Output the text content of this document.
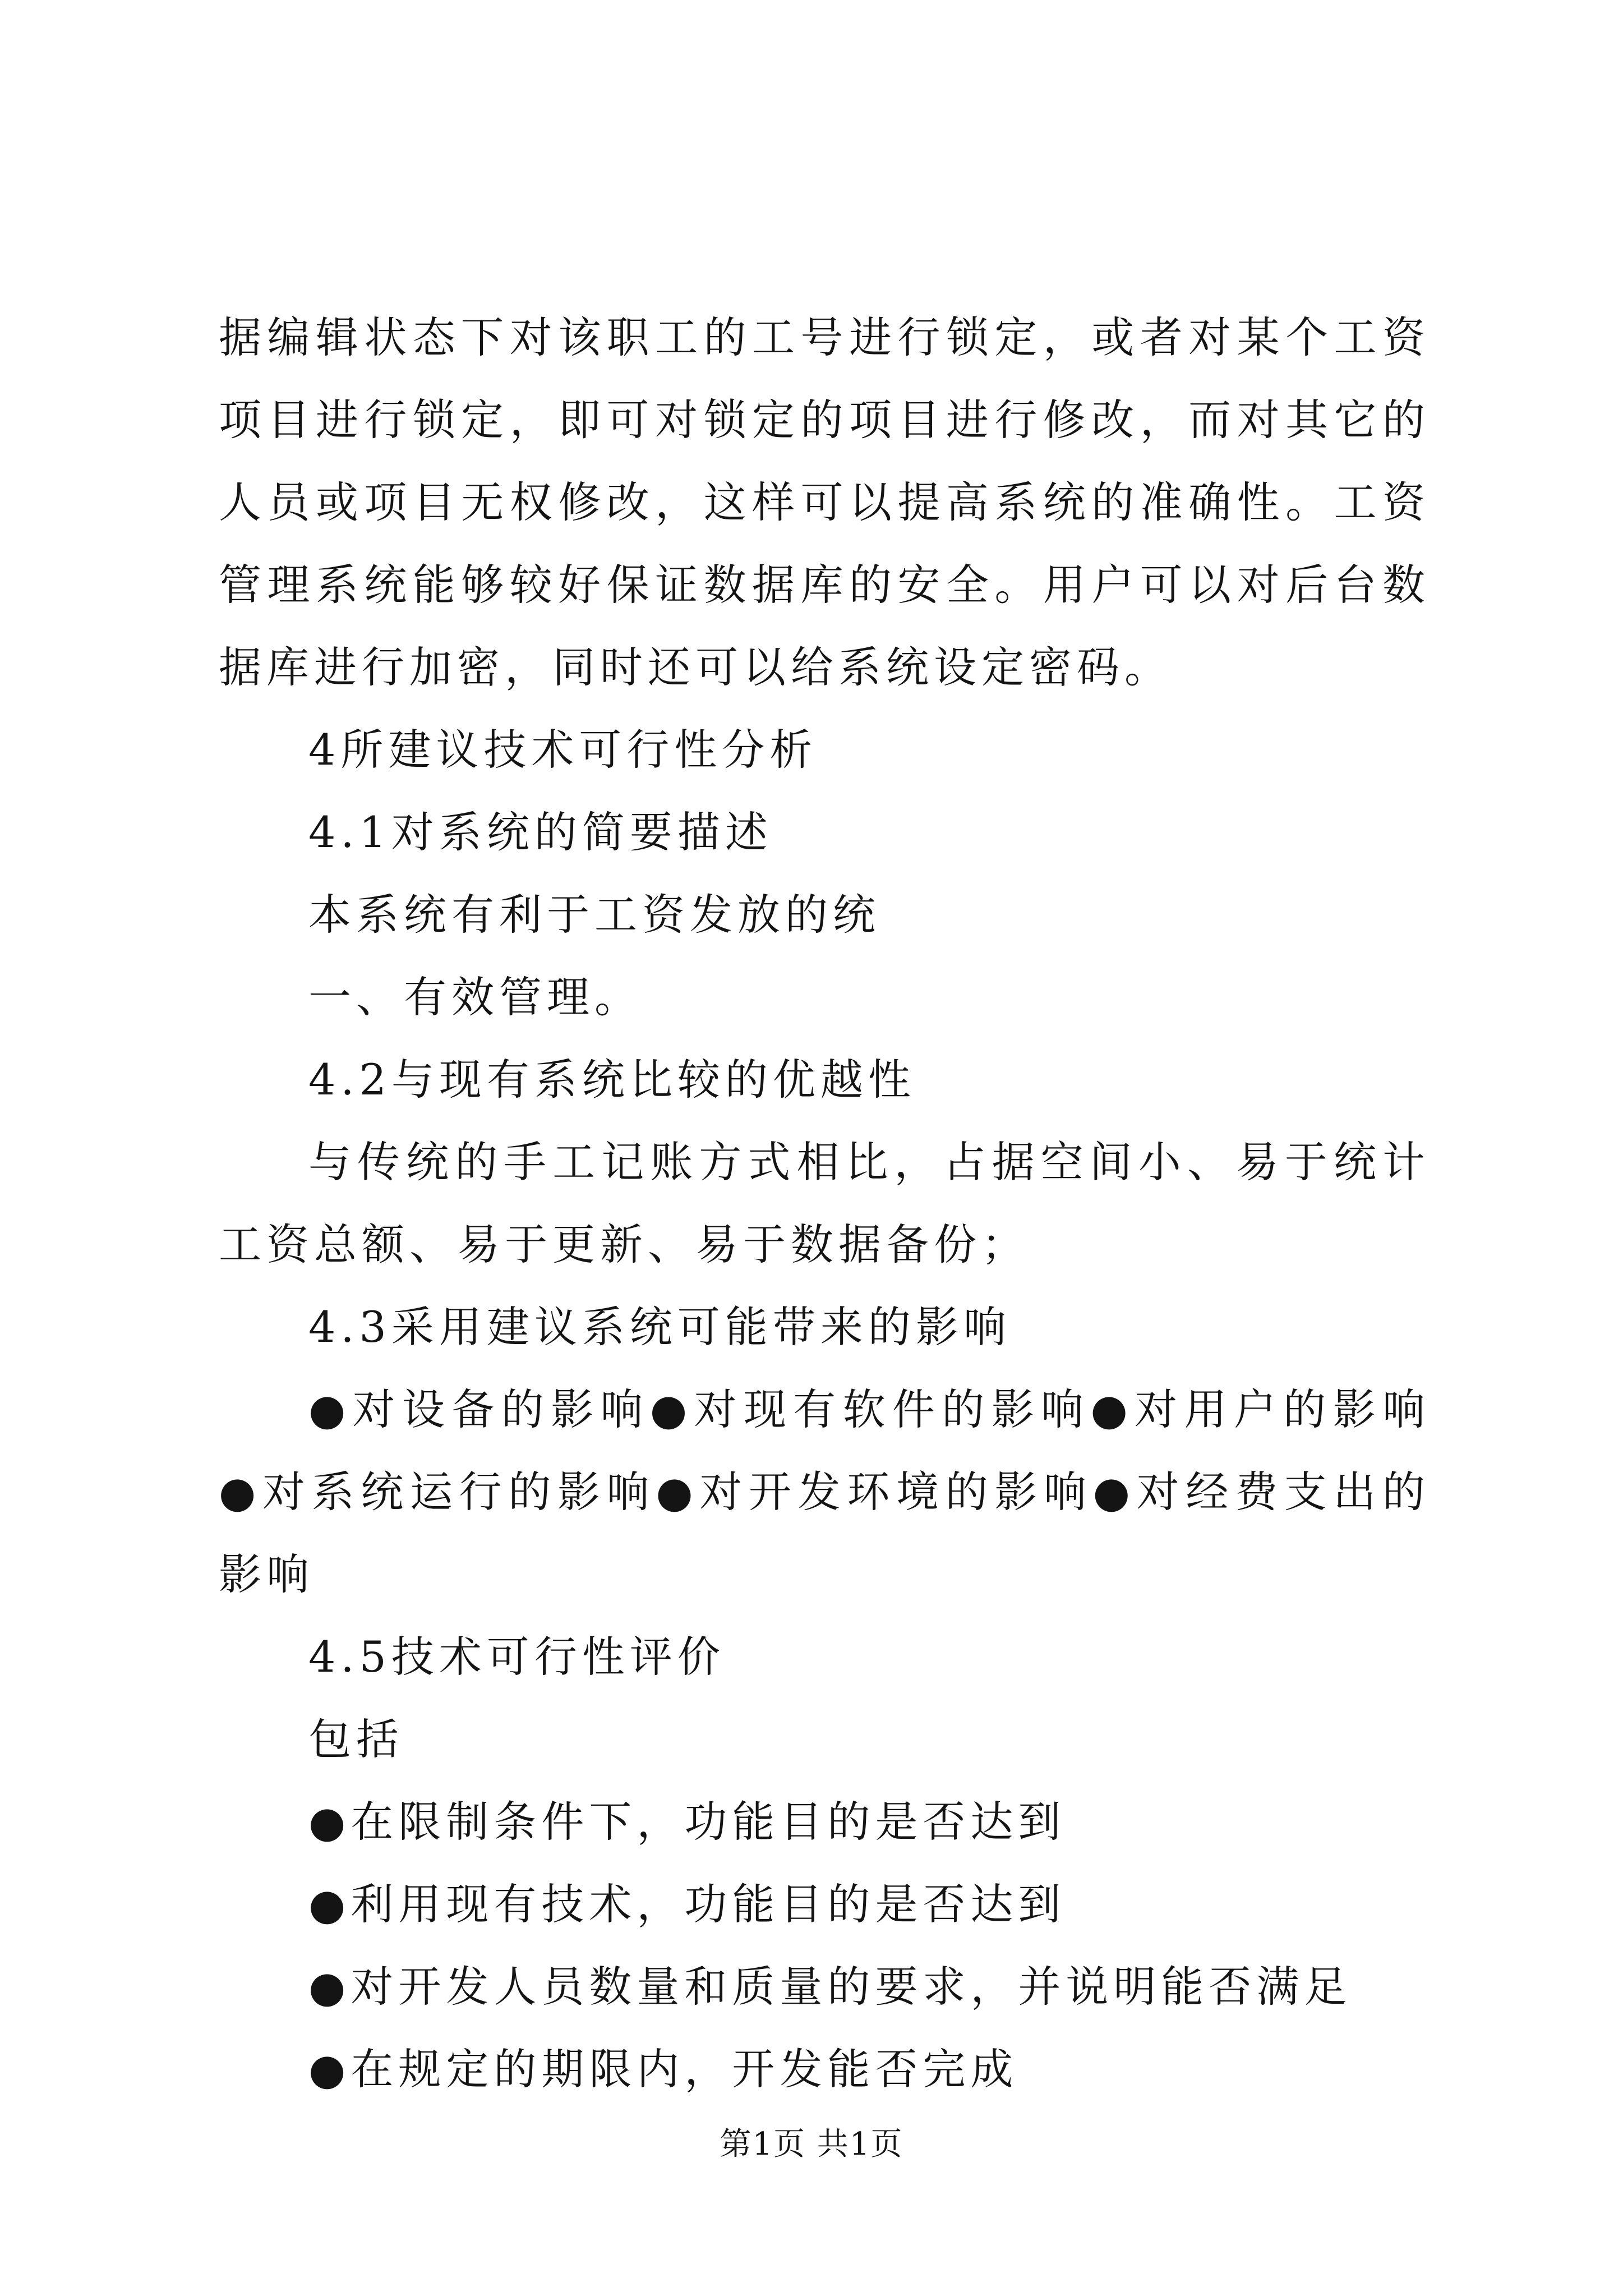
据编辑状态下对该职工的工号进行锁定，或者对某个工资项目进行锁定，即可对锁定的项目进行修改，而对其它的人员或项目无权修改，这样可以提高系统的准确性。工资管理系统能够较好保证数据库的安全。用户可以对后台数据库进行加密，同时还可以给系统设定密码。

4所建议技术可行性分析

4.1对系统的简要描述

本系统有利于工资发放的统

一、有效管理。

4.2与现有系统比较的优越性

与传统的手工记账方式相比，占据空间小、易于统计工资总额、易于更新、易于数据备份；

4.3采用建议系统可能带来的影响

●对设备的影响●对现有软件的影响●对用户的影响●对系统运行的影响●对开发环境的影响●对经费支出的影响

4.5技术可行性评价

包括

●在限制条件下，功能目的是否达到

●利用现有技术，功能目的是否达到

●对开发人员数量和质量的要求，并说明能否满足

●在规定的期限内，开发能否完成

第1页 共1页
